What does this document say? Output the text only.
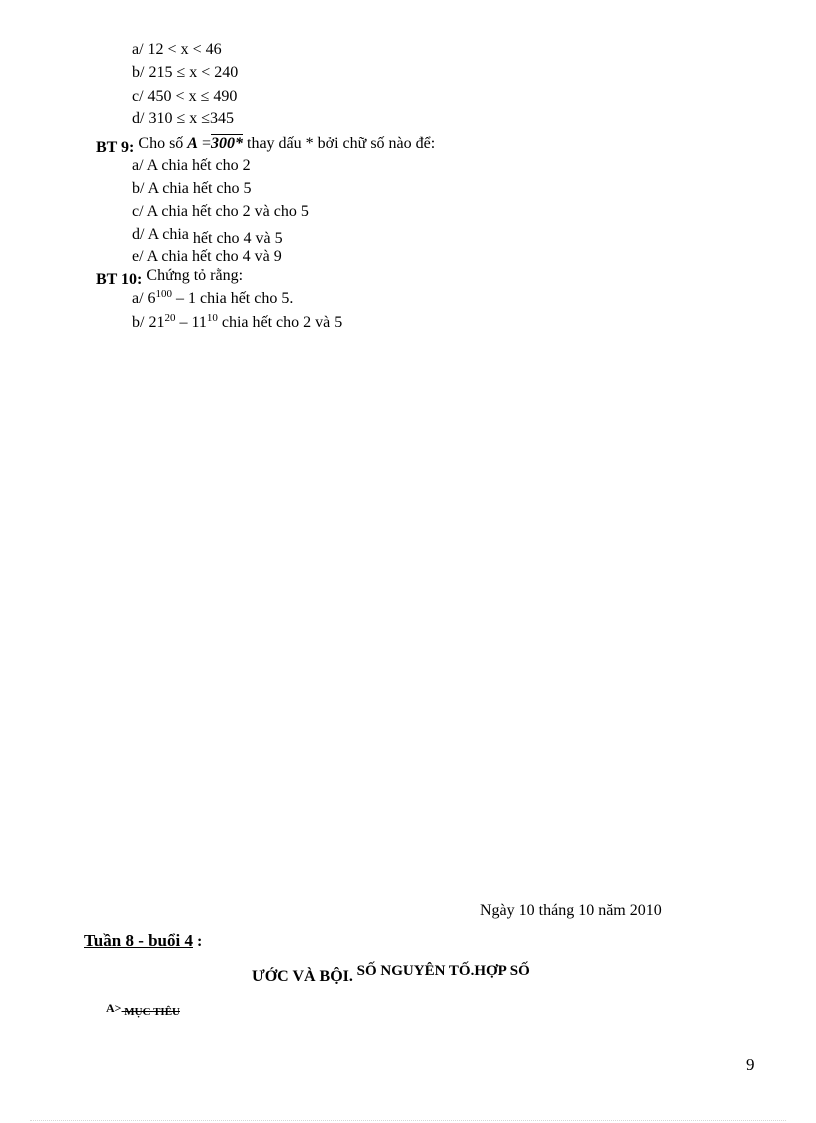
a/ 12 < x < 46
b/ 215 ≤ x < 240
c/ 450 < x ≤ 490
d/ 310 ≤ x ≤345
BT 9: Cho số A =300* thay dấu * bởi chữ số nào để:
a/ A chia hết cho 2
b/ A chia hết cho 5
c/ A chia hết cho 2 và cho 5
d/ A chia hết cho 4 và 5
e/ A chia hết cho 4 và 9
BT 10: Chứng tỏ rằng:
a/ $6^{100} - 1$ chia hết cho 5.
b/ $21^{20} - 11^{10}$ chia hết cho 2 và 5
Ngày 10 tháng 10 năm 2010
Tuần 8 - buổi 4 :
ƯỚC VÀ BỘI. SỐ NGUYÊN TỐ.HỢP SỐ
A> MỤC TIÊU
9
